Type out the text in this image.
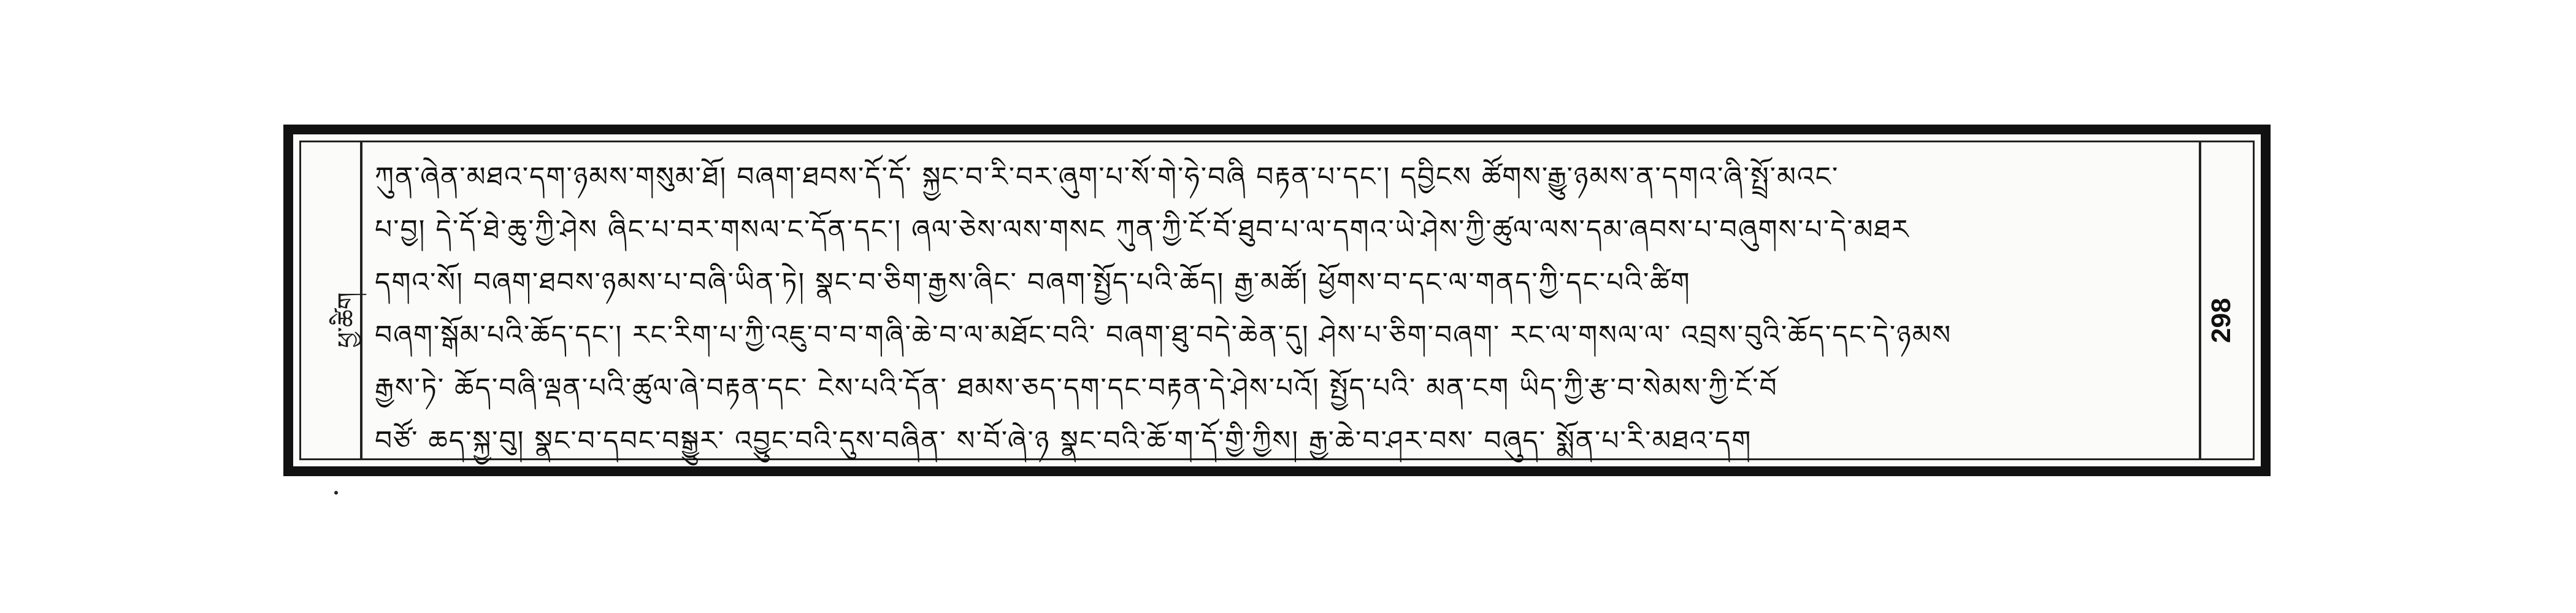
ཕྱ་ཚིག
ཀུན་ཞེན་མཐའ་དག་ཉམས་གསུམ་ཐོ། བཞག་ཐབས་དོ་དོ་ སྐྱང་བ་རི་བར་ཞུག་པ་སོ་གེ་ཧེ་བཞི བརྟན་པ་དང༌། དབྱིངས ཚོགས་རྒྱུ་ཉམས་ན་དགའ་ཞི་སྤྲོ་མའང་
པ་བྱ། དེ་དོ་ཐེ་ཆུ་ཀྱི་ཤེས ཞིང་པ་བར་གསལ་ང་དོན་དང་། ཞལ་ཅེས་ལས་གསང ཀུན་ཀྱི་ངོ་བོ་ཐུབ་པ་ལ་དགའ་ཡེ་ཤེས་ཀྱི་ཚུལ་ལས་དམ་ཞབས་པ་བཞུགས་པ་དེ་མཐར
དགའ་སོ། བཞག་ཐབས་ཉམས་པ་བཞི་ཡིན་ཏེ། སྣང་བ་ཅིག་རྒྱས་ཞིང་ བཞག་སྤྱོད་པའི་ཆོད། རྒྱ་མཚོ། ཕྱོགས་བ་དང་ལ་གནད་ཀྱི་དང་པའི་ཚིག
བཞག་སྒོམ་པའི་ཆོད་དང་། རང་རིག་པ་ཀྱི་འཇུ་བ་བ་གཞི་ཆེ་བ་ལ་མཐོང་བའི་ བཞག་ཐུ་བདེ་ཆེན་དུ། ཤེས་པ་ཅིག་བཞག་ རང་ལ་གསལ་ལ་ འབྲས་བུའི་ཆོད་དང་དེ་ཉམས
རྒྱས་ཏེ་ ཆོད་བཞི་ལྡན་པའི་ཚུལ་ཞེ་བརྟན་དང་ ངེས་པའི་དོན་ ཐམས་ཅད་དག་དང་བརྟན་དེ་ཤེས་པའོ། སྤྱོད་པའི་ མན་ངག ཡིད་ཀྱི་རྩ་བ་སེམས་ཀྱི་ངོ་བོ
བཙོ་ ཆད་སྐྱ་བུ། སྣང་བ་དབང་བསྒྱུར་ འབྱུང་བའི་དུས་བཞིན་ ས་བོ་ཞེ་ཉ སྣང་བའི་ཆོ་ག་དོ་གྱི་ཀྱིས། རྒྱ་ཆེ་བ་ཤར་བས་ བཞུད་ སྨོན་པ་རི་མཐའ་དག
298
